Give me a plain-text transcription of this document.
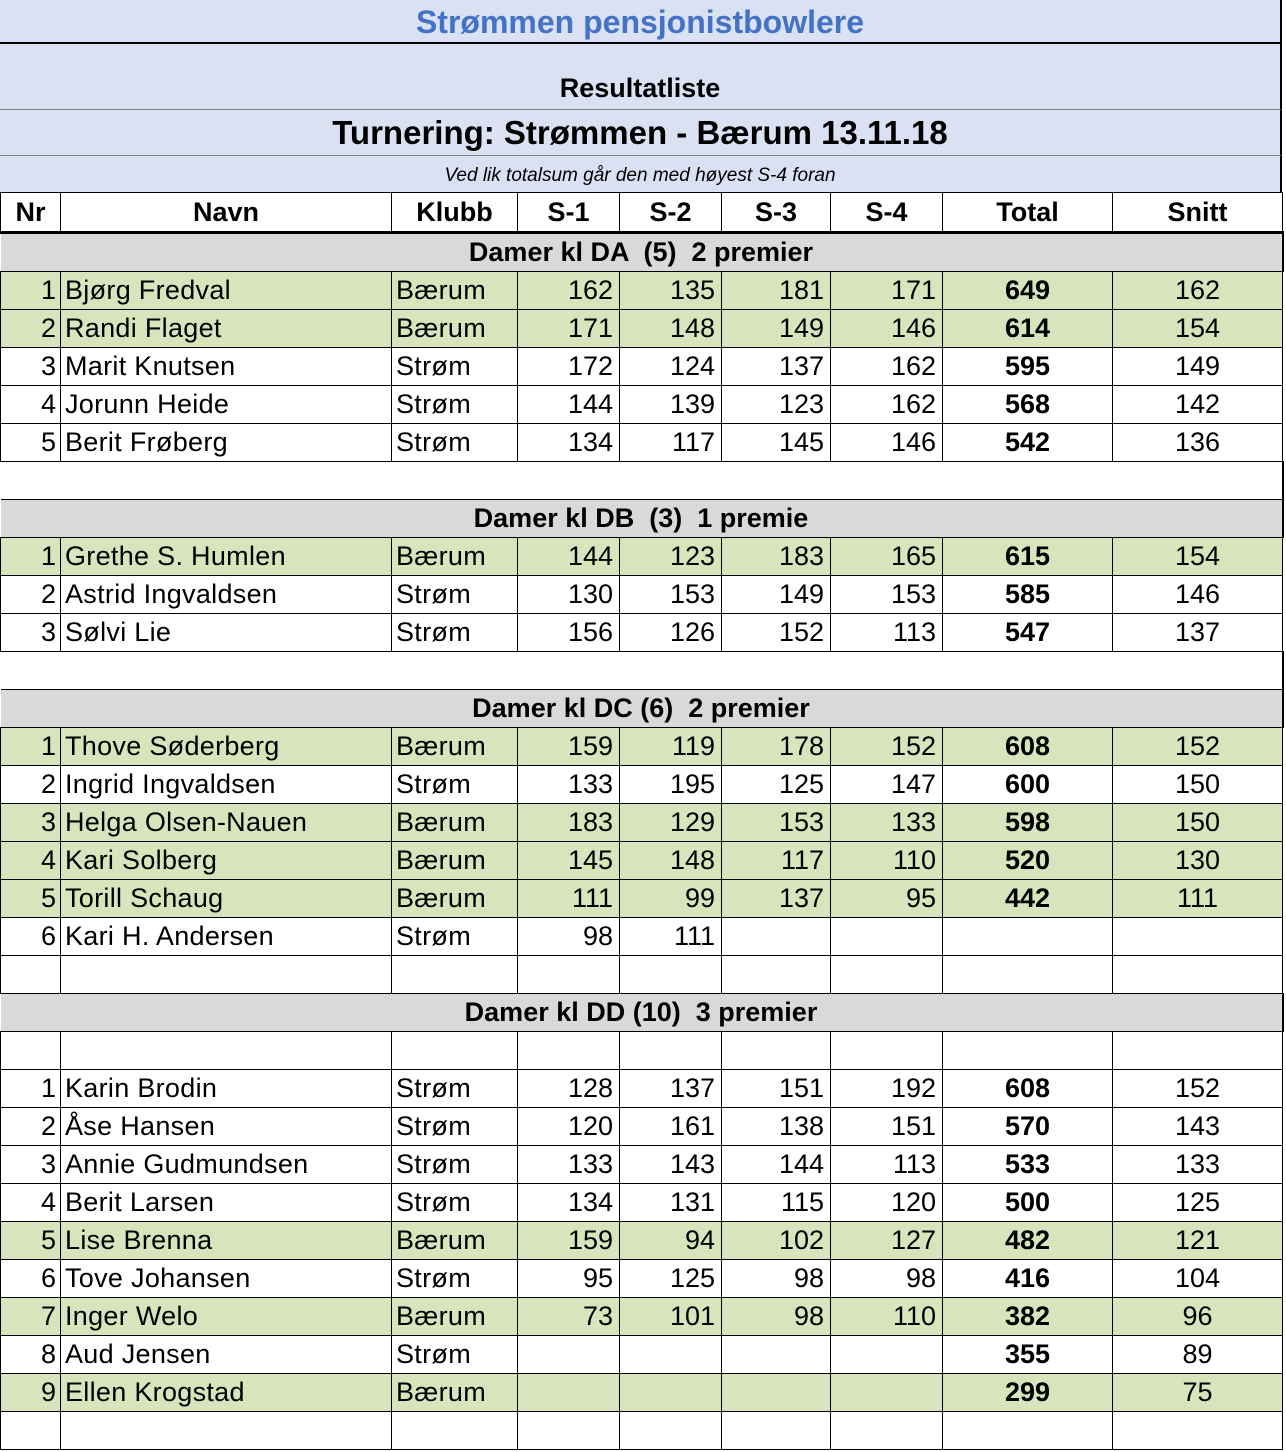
Strømmen pensjonistbowlere
Resultatliste
Turnering: Strømmen - Bærum 13.11.18
Ved lik totalsum går den med høyest S-4 foran
Nr	Navn	Klubb	S-1	S-2	S-3	S-4	Total	Snitt
Damer kl DA  (5)  2 premier								
1	Bjørg Fredval	Bærum	162	135	181	171	649	162
2	Randi Flaget	Bærum	171	148	149	146	614	154
3	Marit Knutsen	Strøm	172	124	137	162	595	149
4	Jorunn Heide	Strøm	144	139	123	162	568	142
5	Berit Frøberg	Strøm	134	117	145	146	542	136

Damer kl DB  (3)  1 premie								
1	Grethe S. Humlen	Bærum	144	123	183	165	615	154
2	Astrid Ingvaldsen	Strøm	130	153	149	153	585	146
3	Sølvi Lie	Strøm	156	126	152	113	547	137

Damer kl DC (6)  2 premier								
1	Thove Søderberg	Bærum	159	119	178	152	608	152
2	Ingrid Ingvaldsen	Strøm	133	195	125	147	600	150
3	Helga Olsen-Nauen	Bærum	183	129	153	133	598	150
4	Kari Solberg	Bærum	145	148	117	110	520	130
5	Torill Schaug	Bærum	111	99	137	95	442	111
6	Kari H. Andersen	Strøm	98	111				

Damer kl DD (10)  3 premier								

1	Karin Brodin	Strøm	128	137	151	192	608	152
2	Åse Hansen	Strøm	120	161	138	151	570	143
3	Annie Gudmundsen	Strøm	133	143	144	113	533	133
4	Berit Larsen	Strøm	134	131	115	120	500	125
5	Lise Brenna	Bærum	159	94	102	127	482	121
6	Tove Johansen	Strøm	95	125	98	98	416	104
7	Inger Welo	Bærum	73	101	98	110	382	96
8	Aud Jensen	Strøm					355	89
9	Ellen Krogstad	Bærum					299	75
